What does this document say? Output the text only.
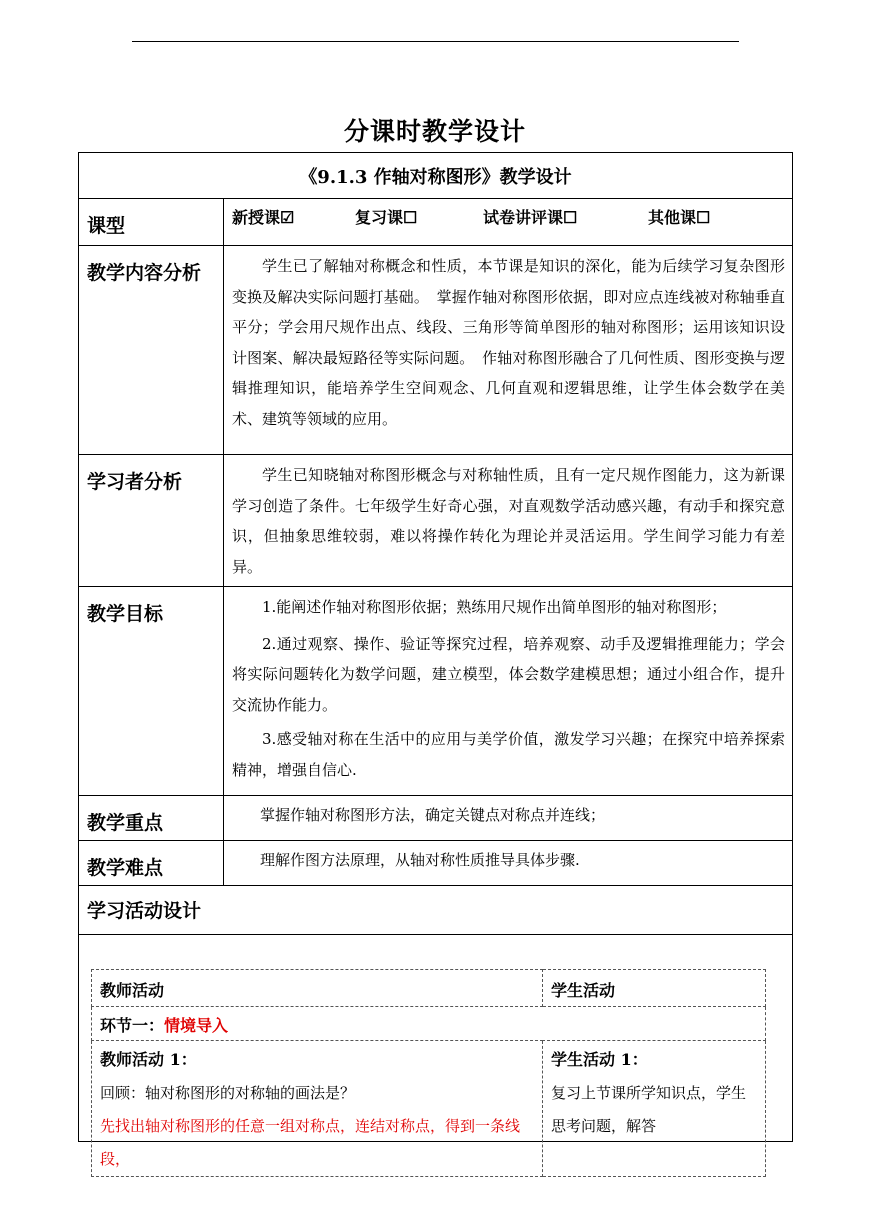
分课时教学设计
《9.1.3 作轴对称图形》教学设计
课型	新授课☑	复习课☐	试卷讲评课☐	其他课☐

教学内容分析	学生已了解轴对称概念和性质，本节课是知识的深化，能为后续学习复杂图形变换及解决实际问题打基础。　掌握作轴对称图形依据，即对应点连线被对称轴垂直平分；学会用尺规作出点、线段、三角形等简单图形的轴对称图形；运用该知识设计图案、解决最短路径等实际问题。　作轴对称图形融合了几何性质、图形变换与逻辑推理知识，能培养学生空间观念、几何直观和逻辑思维，让学生体会数学在美术、建筑等领域的应用。

学习者分析	学生已知晓轴对称图形概念与对称轴性质，且有一定尺规作图能力，这为新课学习创造了条件。七年级学生好奇心强，对直观数学活动感兴趣，有动手和探究意识，但抽象思维较弱，难以将操作转化为理论并灵活运用。学生间学习能力有差异。

教学目标	1.能阐述作轴对称图形依据；熟练用尺规作出简单图形的轴对称图形；

2.通过观察、操作、验证等探究过程，培养观察、动手及逻辑推理能力；学会将实际问题转化为数学问题，建立模型，体会数学建模思想；通过小组合作，提升交流协作能力。

3.感受轴对称在生活中的应用与美学价值，激发学习兴趣；在探究中培养探索精神，增强自信心.

教学重点	掌握作轴对称图形方法，确定关键点对称点并连线；
教学难点	理解作图方法原理，从轴对称性质推导具体步骤.
学习活动设计

教师活动	学生活动
环节一：情境导入

教师活动 1：
回顾：轴对称图形的对称轴的画法是？
先找出轴对称图形的任意一组对称点，连结对称点，得到一条线段，

学生活动 1：
复习上节课所学知识点，学生思考问题，解答
